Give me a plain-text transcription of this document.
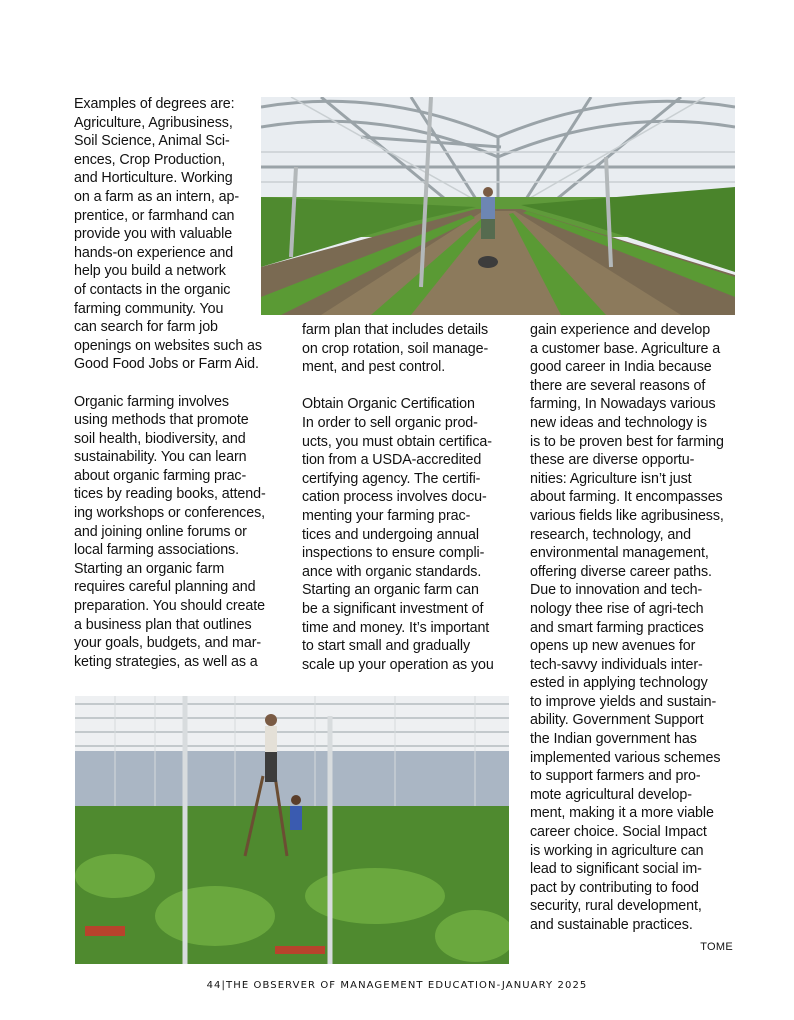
Examples of degrees are:
Agriculture, Agribusiness,
Soil Science, Animal Sci-
ences, Crop Production,
and Horticulture. Working
on a farm as an intern, ap-
prentice, or farmhand can
provide you with valuable
hands-on experience and
help you build a network
of contacts in the organic
farming community. You
can search for farm job
openings on websites such as
Good Food Jobs or Farm Aid.

Organic farming involves
using methods that promote
soil health, biodiversity, and
sustainability. You can learn
about organic farming prac-
tices by reading books, attend-
ing workshops or conferences,
and joining online forums or
local farming associations.
Starting an organic farm
requires careful planning and
preparation. You should create
a business plan that outlines
your goals, budgets, and mar-
keting strategies, as well as a

farm plan that includes details
on crop rotation, soil manage-
ment, and pest control.

Obtain Organic Certification
In order to sell organic prod-
ucts, you must obtain certifica-
tion from a USDA-accredited
certifying agency. The certifi-
cation process involves docu-
menting your farming prac-
tices and undergoing annual
inspections to ensure compli-
ance with organic standards.
Starting an organic farm can
be a significant investment of
time and money. It’s important
to start small and gradually
scale up your operation as you

gain experience and develop
a customer base. Agriculture a
good career in India because
there are several reasons of
farming, In Nowadays various
new ideas and technology is
is to be proven best for farming
these are diverse opportu-
nities: Agriculture isn’t just
about farming. It encompasses
various fields like agribusiness,
research, technology, and
environmental management,
offering diverse career paths.
Due to innovation and tech-
nology thee rise of agri-tech
and smart farming practices
opens up new avenues for
tech-savvy individuals inter-
ested in applying technology
to improve yields and sustain-
ability. Government Support
the Indian government has
implemented various schemes
to support farmers and pro-
mote agricultural develop-
ment, making it a more viable
career choice. Social Impact
is working in agriculture can
lead to significant social im-
pact by contributing to food
security, rural development,
and sustainable practices.

TOME
44|THE OBSERVER OF MANAGEMENT EDUCATION-JANUARY 2025
